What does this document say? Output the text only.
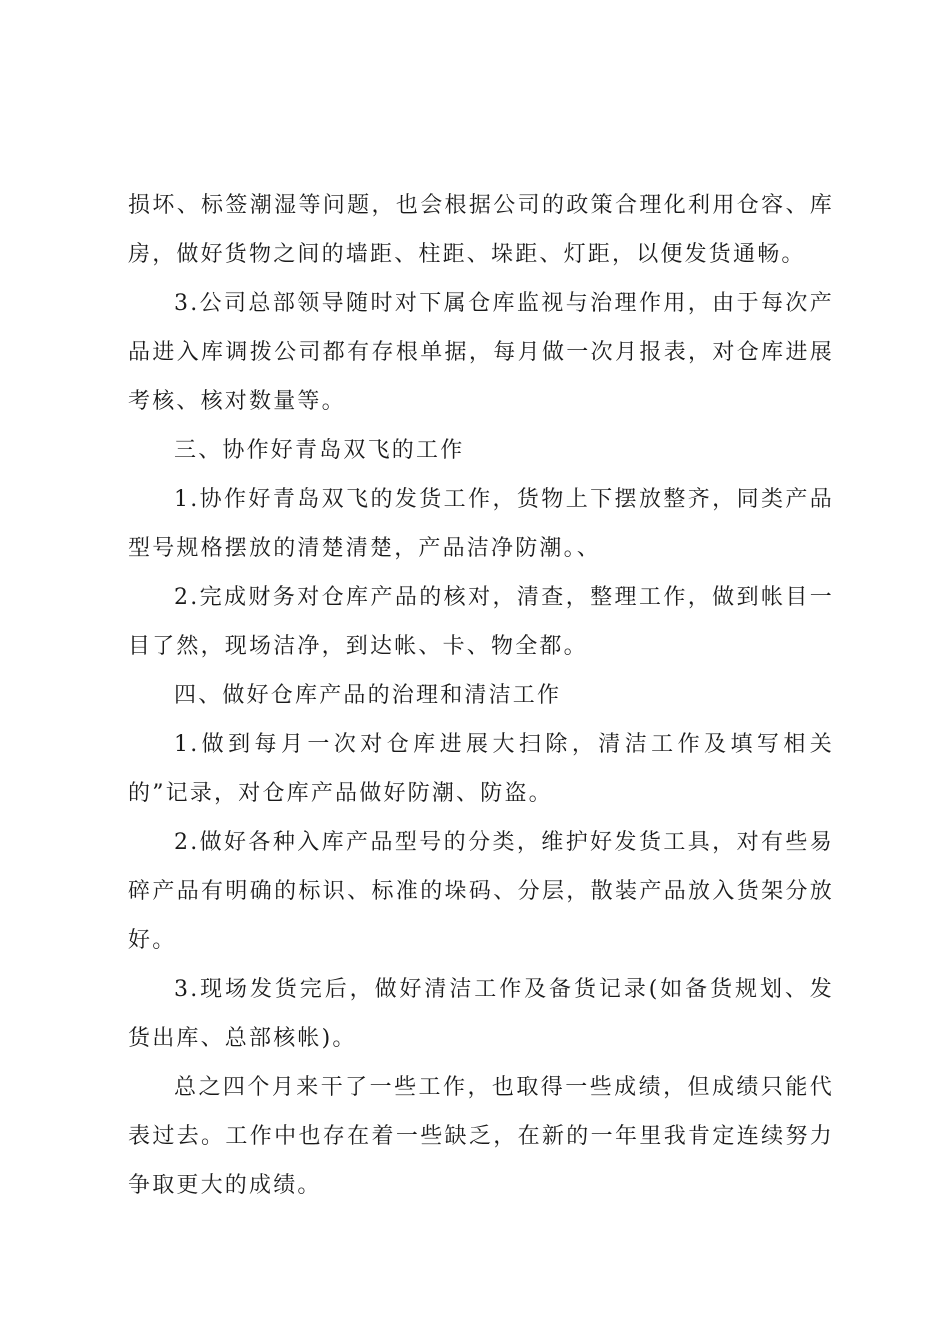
损坏、标签潮湿等问题，也会根据公司的政策合理化利用仓容、库房，做好货物之间的墙距、柱距、垛距、灯距，以便发货通畅。

3.公司总部领导随时对下属仓库监视与治理作用，由于每次产品进入库调拨公司都有存根单据，每月做一次月报表，对仓库进展考核、核对数量等。

三、协作好青岛双飞的工作

1.协作好青岛双飞的发货工作，货物上下摆放整齐，同类产品型号规格摆放的清楚清楚，产品洁净防潮。、

2.完成财务对仓库产品的核对，清查，整理工作，做到帐目一目了然，现场洁净，到达帐、卡、物全都。

四、做好仓库产品的治理和清洁工作

1.做到每月一次对仓库进展大扫除，清洁工作及填写相关的”记录，对仓库产品做好防潮、防盗。

2.做好各种入库产品型号的分类，维护好发货工具，对有些易碎产品有明确的标识、标准的垛码、分层，散装产品放入货架分放好。

3.现场发货完后，做好清洁工作及备货记录(如备货规划、发货出库、总部核帐)。

总之四个月来干了一些工作，也取得一些成绩，但成绩只能代表过去。工作中也存在着一些缺乏，在新的一年里我肯定连续努力争取更大的成绩。
